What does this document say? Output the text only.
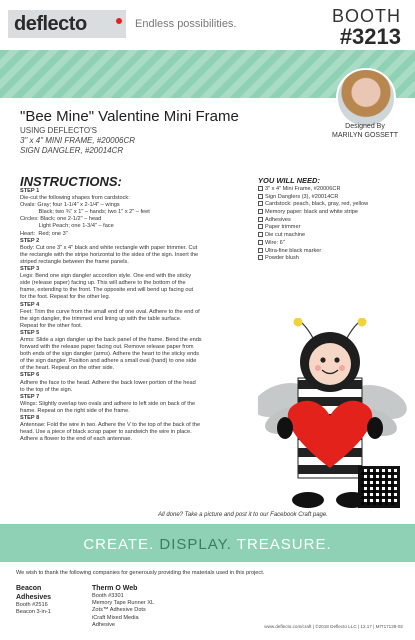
deflecto	Endless possibilities.	BOOTH
#3213
Designed By
MARILYN GOSSETT
"Bee Mine" Valentine Mini Frame
USING DEFLECTO'S
3" x 4" MINI FRAME, #20006CR
SIGN DANGLER, #20014CR
INSTRUCTIONS:
STEP 1
Die-cut the following shapes from cardstock:
Ovals: Gray; four 1-1/4" x 2-1/4" – wings
Black; two ¾" x 1" – hands; two 1" x 2" – feet
Circles: Black; one 2-1/2" – head
Light Peach; one 1-3/4" – face
Heart:  Red; one 3"
STEP 2
Body: Cut one 3" x 4" black and white rectangle with paper trimmer. Cut
the rectangle with the stripe horizontal to the sides of the sign. Insert the
striped rectangle between the frame panels.
STEP 3
Legs: Bend one sign dangler accordion style. One end with the sticky
side (release paper) facing up. This will adhere to the bottom of the
frame, extending to the front. The opposite end will bend up facing out
for the foot. Repeat for the other leg.
STEP 4
Feet: Trim the curve from the small end of one oval. Adhere to the end of
the sign dangler, the trimmed end lining up with the table surface.
Repeat for the other foot.
STEP 5
Arms: Slide a sign dangler up the back panel of the frame. Bend the ends
forward with the release paper facing out. Remove release paper from
both ends of the sign dangler (arms). Adhere the heart to the sticky ends
of the sign dangler. Position and adhere a small oval (hand) to one side
of the heart. Repeat on the other side.
STEP 6
Adhere the face to the head. Adhere the back lower portion of the head
to the top of the sign.
STEP 7
Wings: Slightly overlap two ovals and adhere to left side on back of the
frame. Repeat on the right side of the frame.
STEP 8
Antennae: Fold the wire in two. Adhere the V to the top of the back of the
head. Use a piece of black scrap paper to sandwich the wire in place.
Adhere a flower to the end of each antennae.
YOU WILL NEED:
3" x 4" Mini Frame, #20006CR
Sign Danglers (3), #20014CR
Cardstock: peach, black, gray, red, yellow
Memory paper: black and white stripe
Adhesives
Paper trimmer
Die cut machine
Wire: 6"
Ultra-fine black marker
Powder blush
All done? Take a picture and post it to our Facebook Craft page.
CREATE. DISPLAY. TREASURE.
We wish to thank the following companies for generously providing the materials used in this project.
Beacon
Adhesives
Booth #2516
Beacon 3-in-1
Therm O Web
Booth #3301
Memory Tape Runner XL
Zots™ Adhesive Dots
iCraft Mixed Media
Adhesive	www.deflecto.com/craft | ©2018 Deflecto LLC | 12.17 | MIT17128-02
